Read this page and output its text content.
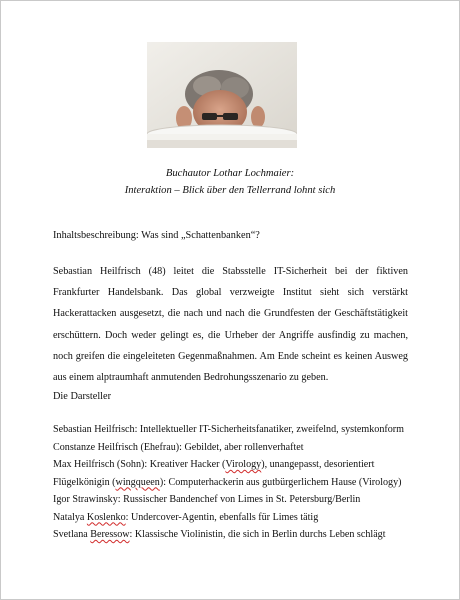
Buchautor Lothar Lochmaier:
Interaktion – Blick über den Tellerrand lohnt sich
Inhaltsbeschreibung: Was sind „Schattenbanken“?
Sebastian Heilfrisch (48) leitet die Stabsstelle IT-Sicherheit bei der fiktiven Frankfurter Handelsbank. Das global verzweigte Institut sieht sich verstärkt Hackerattacken ausgesetzt, die nach und nach die Grundfesten der Geschäftstätigkeit erschüttern. Doch weder gelingt es, die Urheber der Angriffe ausfindig zu machen, noch greifen die eingeleiteten Gegenmaßnahmen. Am Ende scheint es keinen Ausweg aus einem alptraumhaft anmutenden Bedrohungsszenario zu geben.
Die Darsteller
Sebastian Heilfrisch: Intellektueller IT-Sicherheitsfanatiker, zweifelnd, systemkonform
Constanze Heilfrisch (Ehefrau): Gebildet, aber rollenverhaftet
Max Heilfrisch (Sohn): Kreativer Hacker (Virology), unangepasst, desorientiert
Flügelkönigin (wingqueen): Computerhackerin aus gutbürgerlichem Hause (Virology)
Igor Strawinsky: Russischer Bandenchef von Limes in St. Petersburg/Berlin
Natalya Koslenko: Undercover-Agentin, ebenfalls für Limes tätig
Svetlana Beressow: Klassische Violinistin, die sich in Berlin durchs Leben schlägt
